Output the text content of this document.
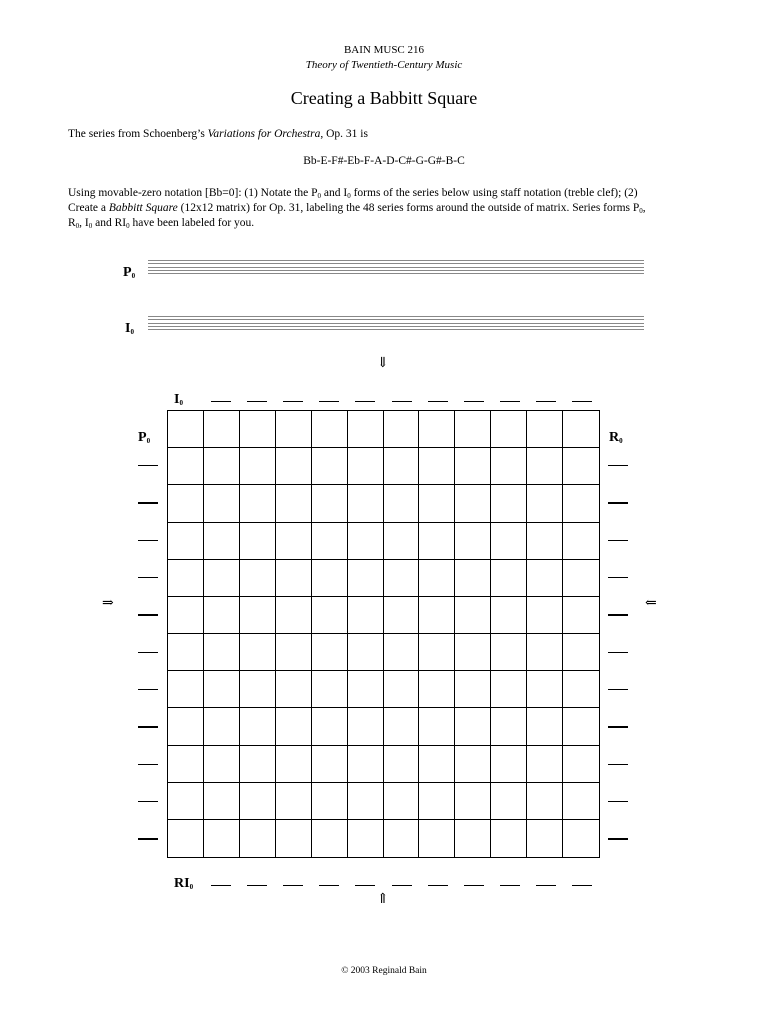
BAIN MUSC 216
Theory of Twentieth-Century Music
Creating a Babbitt Square
The series from Schoenberg’s Variations for Orchestra, Op. 31 is
Bb-E-F#-Eb-F-A-D-C#-G-G#-B-C
Using movable-zero notation [Bb=0]: (1) Notate the $P_0$ and $I_0$ forms of the series below using staff notation (treble clef); (2)
Create a Babbitt Square (12x12 matrix) for Op. 31, labeling the 48 series forms around the outside of matrix. Series forms $P_0$,
$R_0$, $I_0$ and $RI_0$ have been labeled for you.
$P_0$
$I_0$
⇓
$I_0$
$P_0$	$R_0$
⇒	⇐
$RI_0$
⇑
© 2003 Reginald Bain
